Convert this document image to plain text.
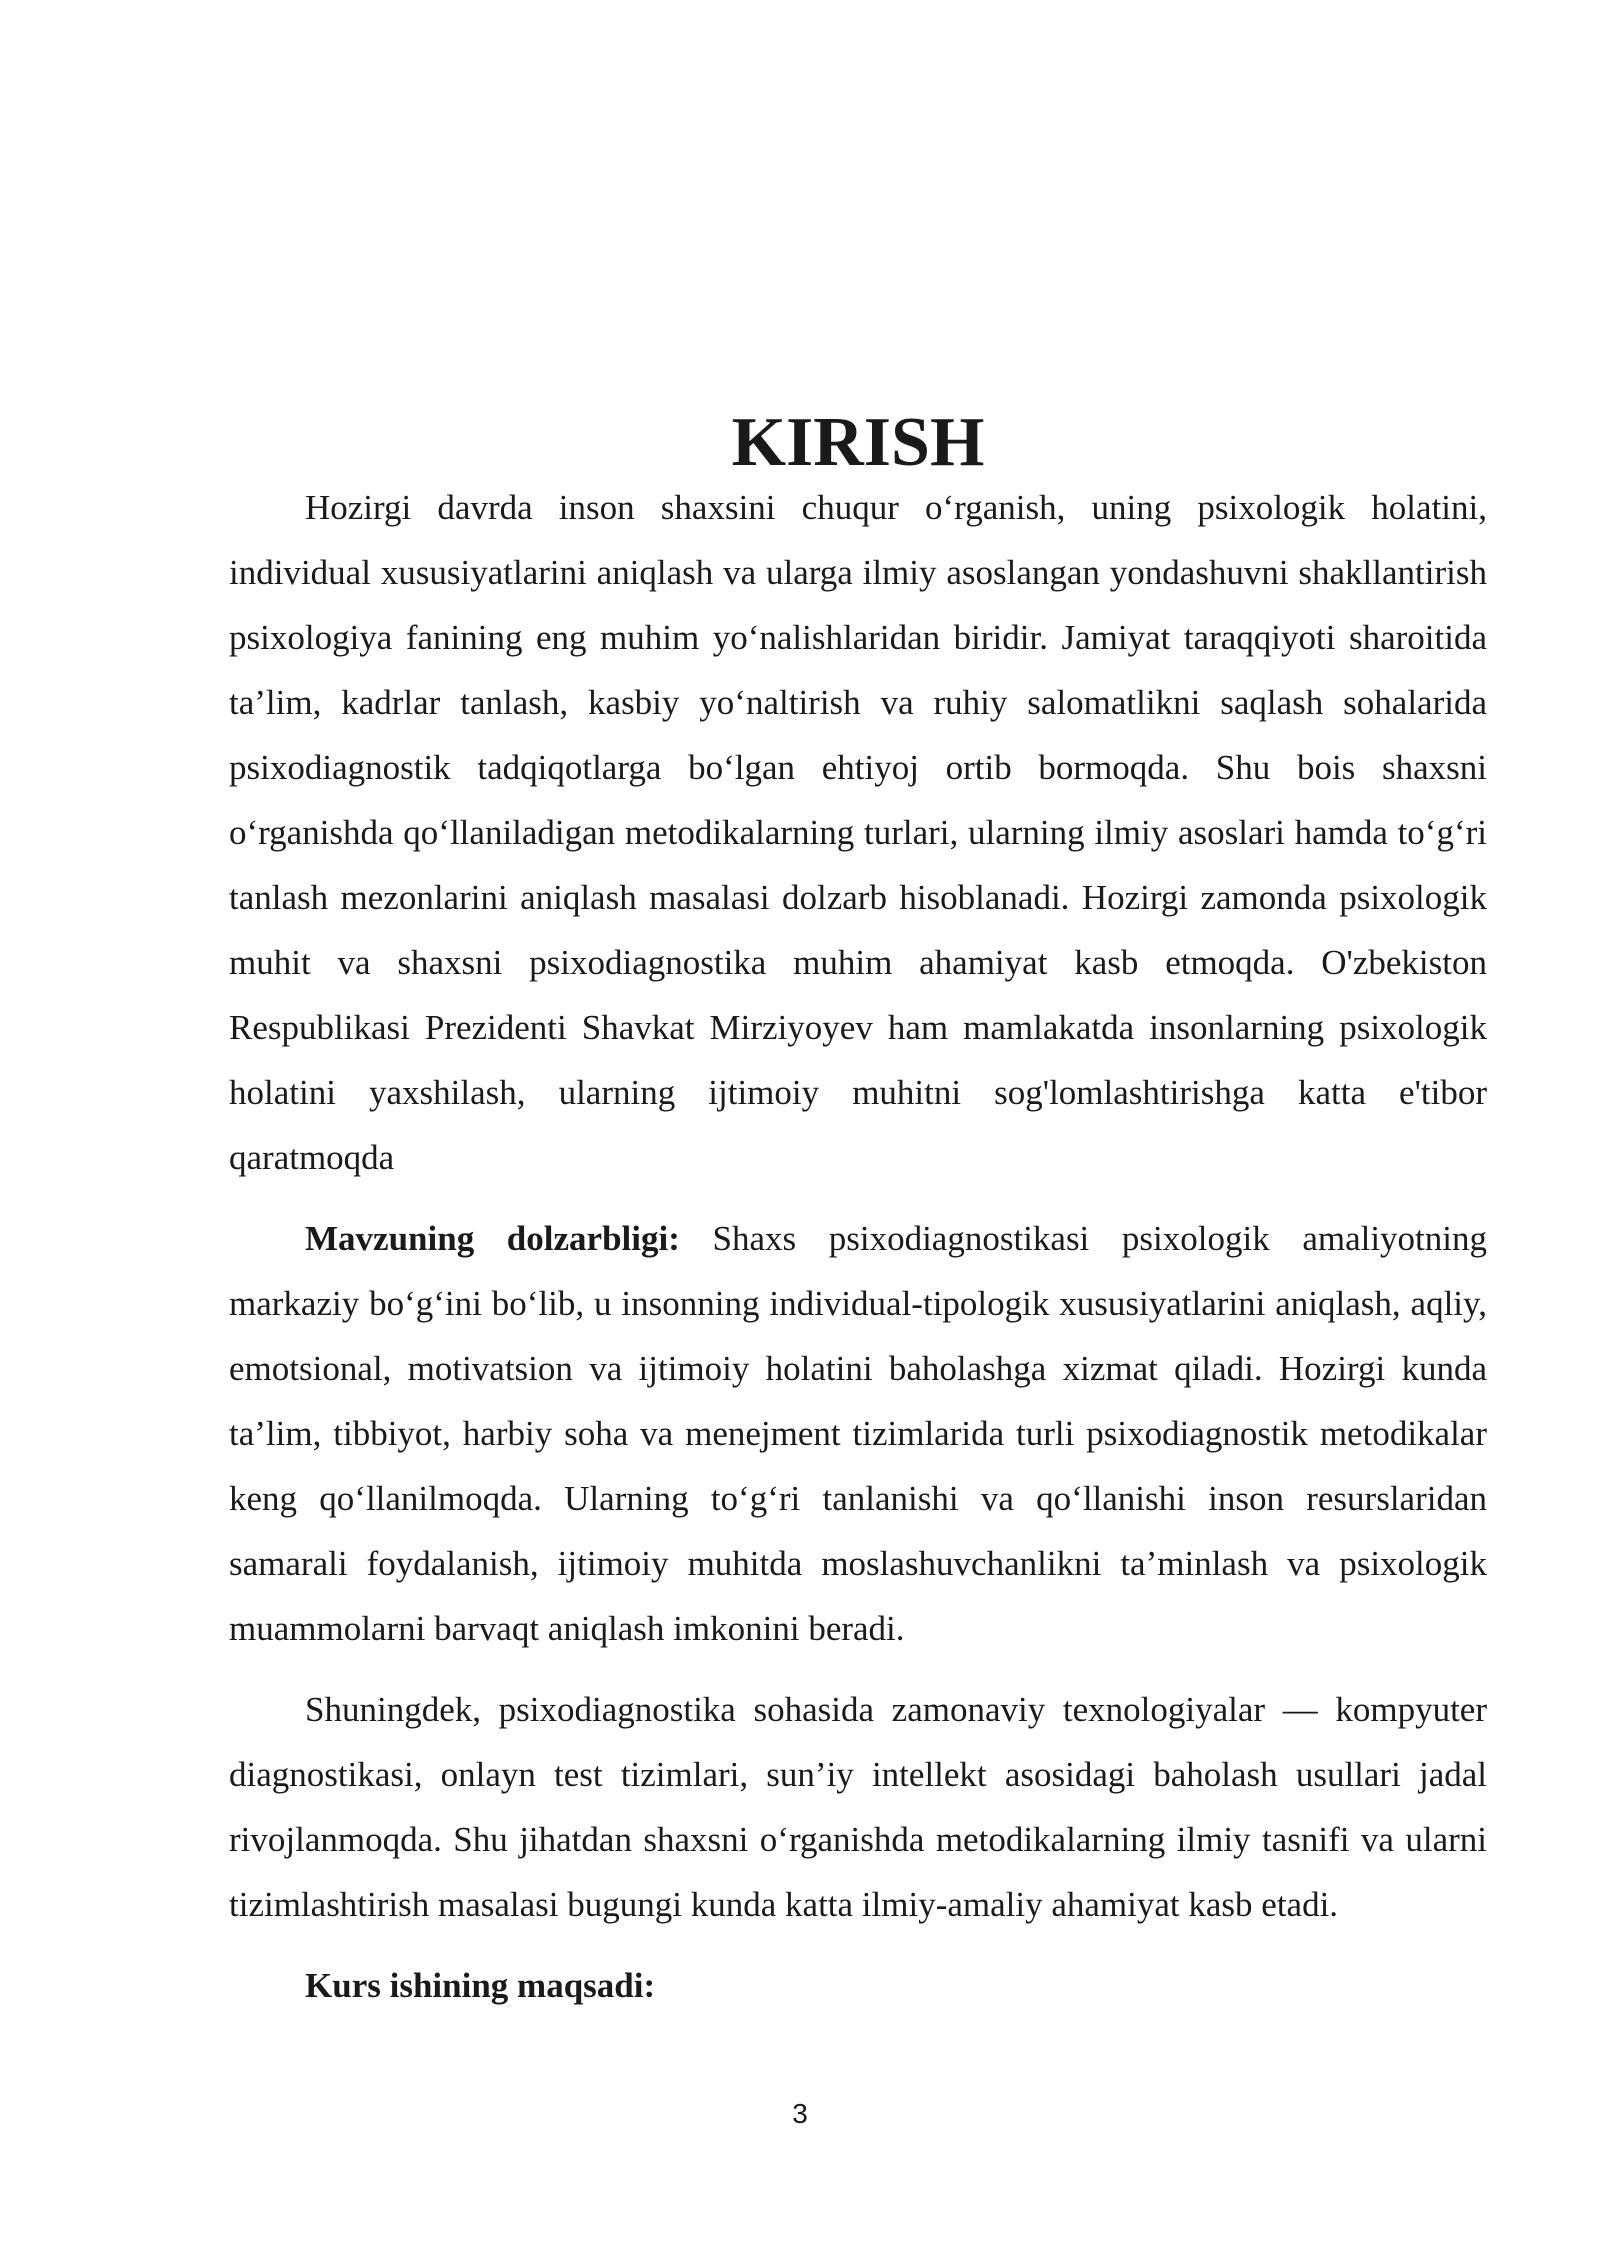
KIRISH

Hozirgi davrda inson shaxsini chuqur o‘rganish, uning psixologik holatini, individual xususiyatlarini aniqlash va ularga ilmiy asoslangan yondashuvni shakllantirish psixologiya fanining eng muhim yo‘nalishlaridan biridir. Jamiyat taraqqiyoti sharoitida ta’lim, kadrlar tanlash, kasbiy yo‘naltirish va ruhiy salomatlikni saqlash sohalarida psixodiagnostik tadqiqotlarga bo‘lgan ehtiyoj ortib bormoqda. Shu bois shaxsni o‘rganishda qo‘llaniladigan metodikalarning turlari, ularning ilmiy asoslari hamda to‘g‘ri tanlash mezonlarini aniqlash masalasi dolzarb hisoblanadi. Hozirgi zamonda psixologik muhit va shaxsni psixodiagnostika muhim ahamiyat kasb etmoqda. O'zbekiston Respublikasi Prezidenti Shavkat Mirziyoyev ham mamlakatda insonlarning psixologik holatini yaxshilash, ularning ijtimoiy muhitni sog'lomlashtirishga katta e'tibor qaratmoqda

Mavzuning dolzarbligi: Shaxs psixodiagnostikasi psixologik amaliyotning markaziy bo‘g‘ini bo‘lib, u insonning individual-tipologik xususiyatlarini aniqlash, aqliy, emotsional, motivatsion va ijtimoiy holatini baholashga xizmat qiladi. Hozirgi kunda ta’lim, tibbiyot, harbiy soha va menejment tizimlarida turli psixodiagnostik metodikalar keng qo‘llanilmoqda. Ularning to‘g‘ri tanlanishi va qo‘llanishi inson resurslaridan samarali foydalanish, ijtimoiy muhitda moslashuvchanlikni ta’minlash va psixologik muammolarni barvaqt aniqlash imkonini beradi.

Shuningdek, psixodiagnostika sohasida zamonaviy texnologiyalar — kompyuter diagnostikasi, onlayn test tizimlari, sun’iy intellekt asosidagi baholash usullari jadal rivojlanmoqda. Shu jihatdan shaxsni o‘rganishda metodikalarning ilmiy tasnifi va ularni tizimlashtirish masalasi bugungi kunda katta ilmiy-amaliy ahamiyat kasb etadi.

Kurs ishining maqsadi:

3
